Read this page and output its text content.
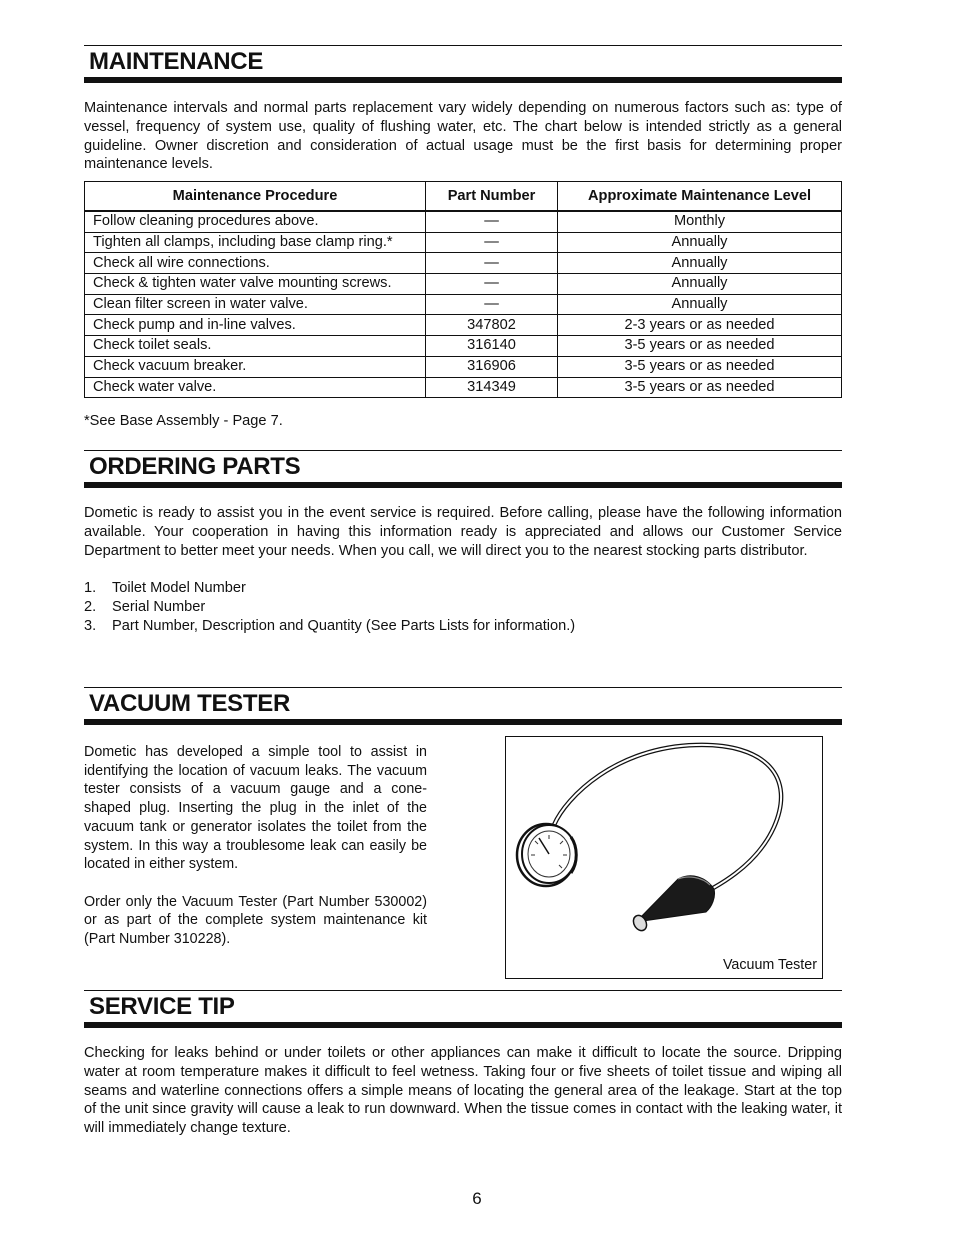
MAINTENANCE

Maintenance intervals and normal parts replacement vary widely depending on numerous factors such as: type of vessel, frequency of system use, quality of flushing water, etc. The chart below is intended strictly as a general guideline. Owner discretion and consideration of actual usage must be the first basis for determining proper maintenance levels.

Maintenance Procedure	Part Number	Approximate Maintenance Level
Follow cleaning procedures above.	—	Monthly
Tighten all clamps, including base clamp ring.*	—	Annually
Check all wire connections.	—	Annually
Check & tighten water valve mounting screws.	—	Annually
Clean filter screen in water valve.	—	Annually
Check pump and in-line valves.	347802	2-3 years or as needed
Check toilet seals.	316140	3-5 years or as needed
Check vacuum breaker.	316906	3-5 years or as needed
Check water valve.	314349	3-5 years or as needed

*See Base Assembly - Page 7.

ORDERING PARTS

Dometic is ready to assist you in the event service is required. Before calling, please have the following information available. Your cooperation in having this information ready is appreciated and allows our Customer Service Department to better meet your needs. When you call, we will direct you to the nearest stocking parts distributor.

1. Toilet Model Number
2. Serial Number
3. Part Number, Description and Quantity (See Parts Lists for information.)
VACUUM TESTER

Dometic has developed a simple tool to assist in identifying the location of vacuum leaks. The vacuum tester consists of a vacuum gauge and a cone-shaped plug. Inserting the plug in the inlet of the vacuum tank or generator isolates the toilet from the system. In this way a troublesome leak can easily be located in either system.

Order only the Vacuum Tester (Part Number 530002) or as part of the complete system maintenance kit (Part Number 310228).

Vacuum Tester
SERVICE TIP

Checking for leaks behind or under toilets or other appliances can make it difficult to locate the source. Dripping water at room temperature makes it difficult to feel wetness. Taking four or five sheets of toilet tissue and wiping all seams and waterline connections offers a simple means of locating the general area of the leakage. Start at the top of the unit since gravity will cause a leak to run downward. When the tissue comes in contact with the leaking water, it will immediately change texture.

6
